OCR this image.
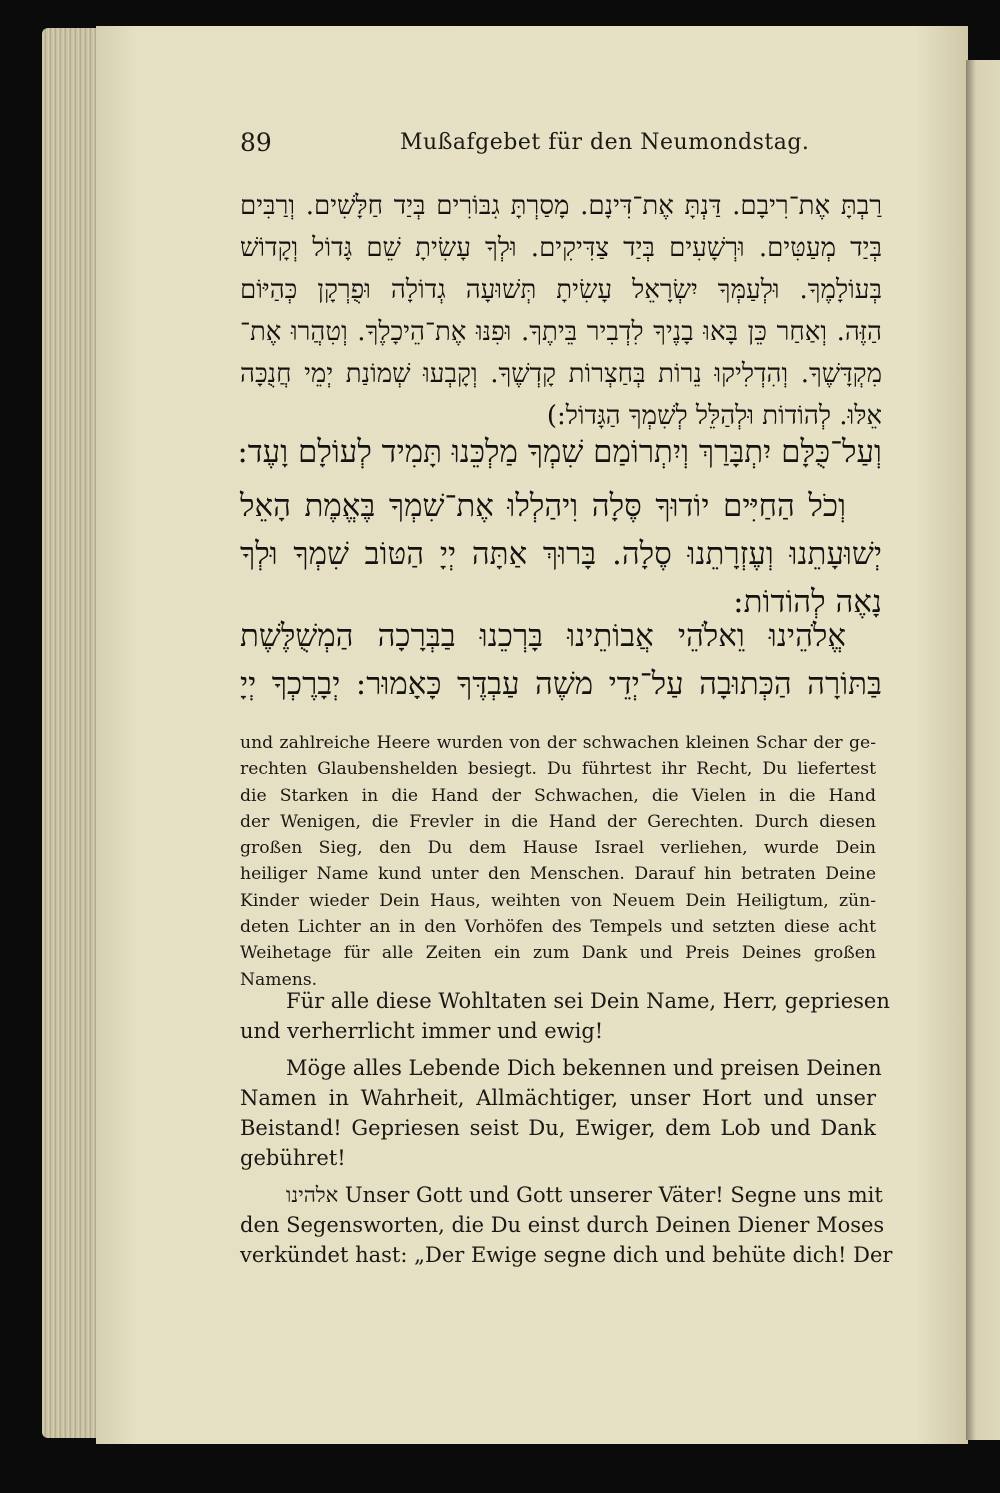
89	Mußafgebet für den Neumondstag.
רַבְתָּ אֶת־רִיבָם. דַּנְתָּ אֶת־דִּינָם. מָסַרְתָּ גִבּוֹרִים בְּיַד חַלָּשִׁים. וְרַבִּים
בְּיַד מְעַטִּים. וּרְשָׁעִים בְּיַד צַדִּיקִים. וּלְךָ עָשִׂיתָ שֵׁם גָּדוֹל וְקָדוֹשׁ
בְּעוֹלָמֶךָ. וּלְעַמְּךָ יִשְׂרָאֵל עָשִׂיתָ תְּשׁוּעָה גְדוֹלָה וּפֻרְקָן כְּהַיּוֹם
הַזֶּה. וְאַחַר כֵּן בָּאוּ בָנֶיךָ לִדְבִיר בֵּיתֶךָ. וּפִנּוּ אֶת־הֵיכָלֶךָ. וְטִהֲרוּ אֶת־
מִקְדָּשֶׁךָ. וְהִדְלִיקוּ נֵרוֹת בְּחַצְרוֹת קָדְשֶׁךָ. וְקָבְעוּ שְׁמוֹנַת יְמֵי חֲנֻכָּה
אֵלּוּ. לְהוֹדוֹת וּלְהַלֵּל לְשִׁמְךָ הַגָּדוֹל:)
וְעַל־כֻּלָּם יִתְבָּרַךְ וְיִתְרוֹמַם שִׁמְךָ מַלְכֵּנוּ תָּמִיד לְעוֹלָם וָעֶד:
וְכֹל הַחַיִּים יוֹדוּךָ סֶּלָה וִיהַלְלוּ אֶת־שִׁמְךָ בֶּאֱמֶת הָאֵל
יְשׁוּעָתֵנוּ וְעֶזְרָתֵנוּ סֶלָה. בָּרוּךְ אַתָּה יְיָ הַטּוֹב שִׁמְךָ וּלְךָ
נָאֶה לְהוֹדוֹת:
אֱלֹהֵינוּ וֵאלֹהֵי אֲבוֹתֵינוּ בָּרְכֵנוּ בַבְּרָכָה הַמְשֻׁלֶּשֶׁת
בַּתּוֹרָה הַכְּתוּבָה עַל־יְדֵי משֶׁה עַבְדֶּךָ כָּאָמוּר: יְבָרֶכְךָ יְיָ
und zahlreiche Heere wurden von der schwachen kleinen Schar der ge-
rechten Glaubenshelden besiegt. Du führtest ihr Recht, Du liefertest
die Starken in die Hand der Schwachen, die Vielen in die Hand
der Wenigen, die Frevler in die Hand der Gerechten. Durch diesen
großen Sieg, den Du dem Hause Israel verliehen, wurde Dein
heiliger Name kund unter den Menschen. Darauf hin betraten Deine
Kinder wieder Dein Haus, weihten von Neuem Dein Heiligtum, zün-
deten Lichter an in den Vorhöfen des Tempels und setzten diese acht
Weihetage für alle Zeiten ein zum Dank und Preis Deines großen
Namens.
Für alle diese Wohltaten sei Dein Name, Herr, gepriesen
und verherrlicht immer und ewig!
Möge alles Lebende Dich bekennen und preisen Deinen
Namen in Wahrheit, Allmächtiger, unser Hort und unser
Beistand! Gepriesen seist Du, Ewiger, dem Lob und Dank
gebühret!
אלהינו Unser Gott und Gott unserer Väter! Segne uns mit
den Segensworten, die Du einst durch Deinen Diener Moses
verkündet hast: „Der Ewige segne dich und behüte dich! Der
